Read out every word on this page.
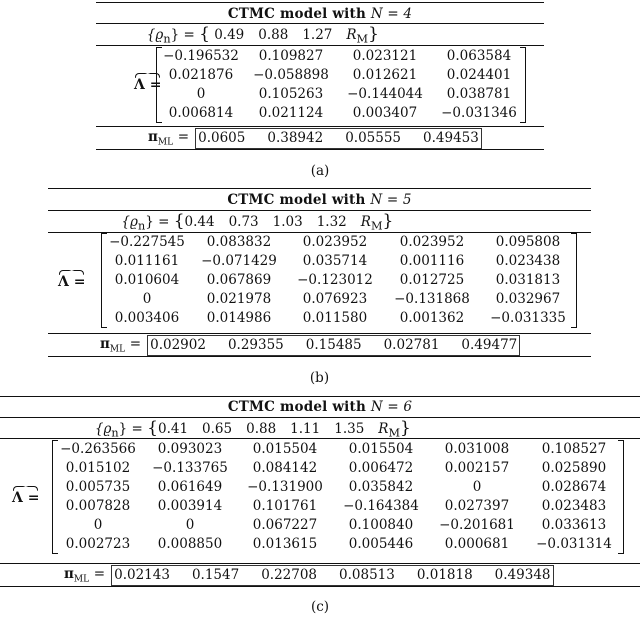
CTMC model with N = 4
$\{ϱ_n\}$ = { 0.49 0.88 1.27 $R_M$}
Λ =
−0.196532	0.109827	0.023121	0.063584
0.021876	−0.058898	0.012621	0.024401
0	0.105263	−0.144044	0.038781
0.006814	0.021124	0.003407	−0.031346
$\pi_{ML} = 0.0605$ 0.38942 0.05555 0.49453
(a)
CTMC model with N = 5
$\{ϱ_n\} = \{0.44$ 0.73 1.03 1.32 $R_M$}
Λ =
−0.227545	0.083832	0.023952	0.023952	0.095808
0.011161	−0.071429	0.035714	0.001116	0.023438
0.010604	0.067869	−0.123012	0.012725	0.031813
0	0.021978	0.076923	−0.131868	0.032967
0.003406	0.014986	0.011580	0.001362	−0.031335
$\pi_{ML} = 0.02902$ 0.29355 0.15485 0.02781 0.49477
(b)
CTMC model with N = 6
$\{ϱ_n\} = \{0.41$ 0.65 0.88 1.11 1.35 $R_M$}
Λ =
−0.263566	0.093023	0.015504	0.015504	0.031008	0.108527
0.015102	−0.133765	0.084142	0.006472	0.002157	0.025890
0.005735	0.061649	−0.131900	0.035842	0	0.028674
0.007828	0.003914	0.101761	−0.164384	0.027397	0.023483
0	0	0.067227	0.100840	−0.201681	0.033613
0.002723	0.008850	0.013615	0.005446	0.000681	−0.031314
$\pi_{ML} = 0.02143$ 0.1547 0.22708 0.08513 0.01818 0.49348
(c)
